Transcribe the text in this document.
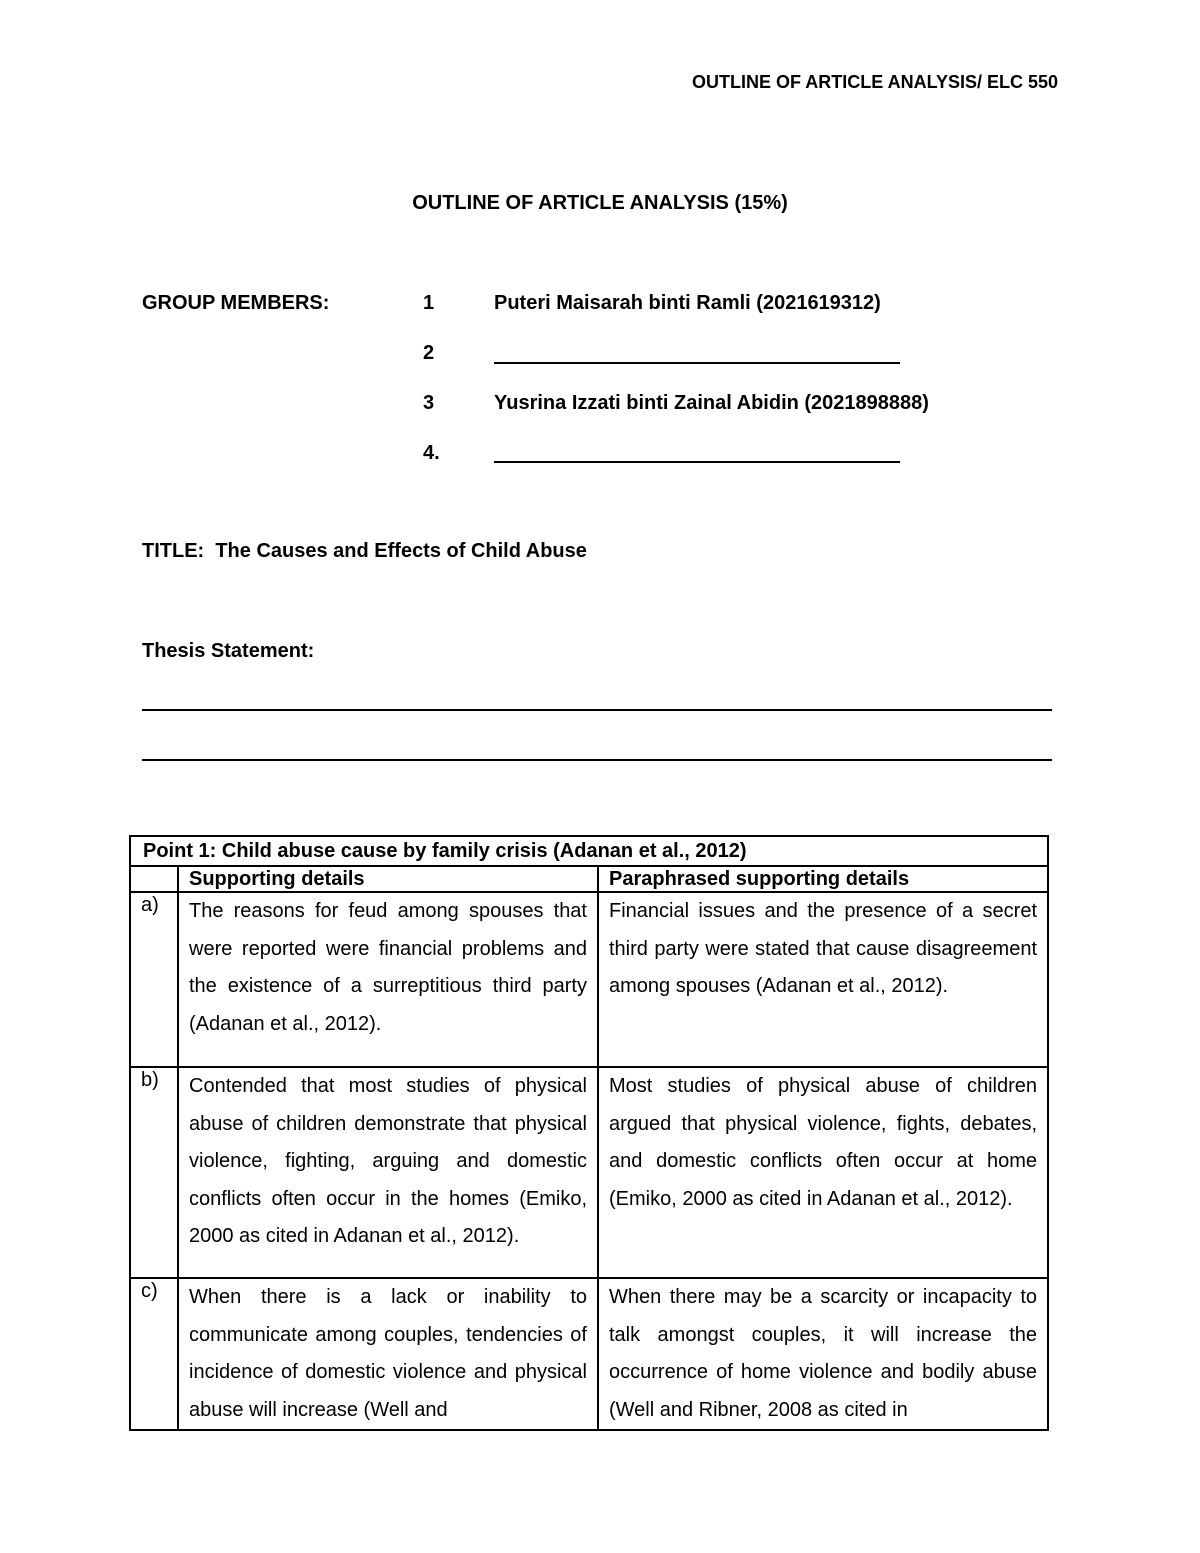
OUTLINE OF ARTICLE ANALYSIS/ ELC 550
OUTLINE OF ARTICLE ANALYSIS (15%)
GROUP MEMBERS:	1	Puteri Maisarah binti Ramli (2021619312)
2
3	Yusrina Izzati binti Zainal Abidin (2021898888)
4.
TITLE: The Causes and Effects of Child Abuse
Thesis Statement:
Point 1: Child abuse cause by family crisis (Adanan et al., 2012)		
	Supporting details	Paraphrased supporting details
a)	The reasons for feud among spouses that were reported were financial problems and the existence of a surreptitious third party (Adanan et al., 2012).	Financial issues and the presence of a secret third party were stated that cause disagreement among spouses (Adanan et al., 2012).
b)	Contended that most studies of physical abuse of children demonstrate that physical violence, fighting, arguing and domestic conflicts often occur in the homes (Emiko, 2000 as cited in Adanan et al., 2012).	Most studies of physical abuse of children argued that physical violence, fights, debates, and domestic conflicts often occur at home (Emiko, 2000 as cited in Adanan et al., 2012).
c)	When there is a lack or inability to communicate among couples, tendencies of incidence of domestic violence and physical abuse will increase (Well and	When there may be a scarcity or incapacity to talk amongst couples, it will increase the occurrence of home violence and bodily abuse (Well and Ribner, 2008 as cited in
